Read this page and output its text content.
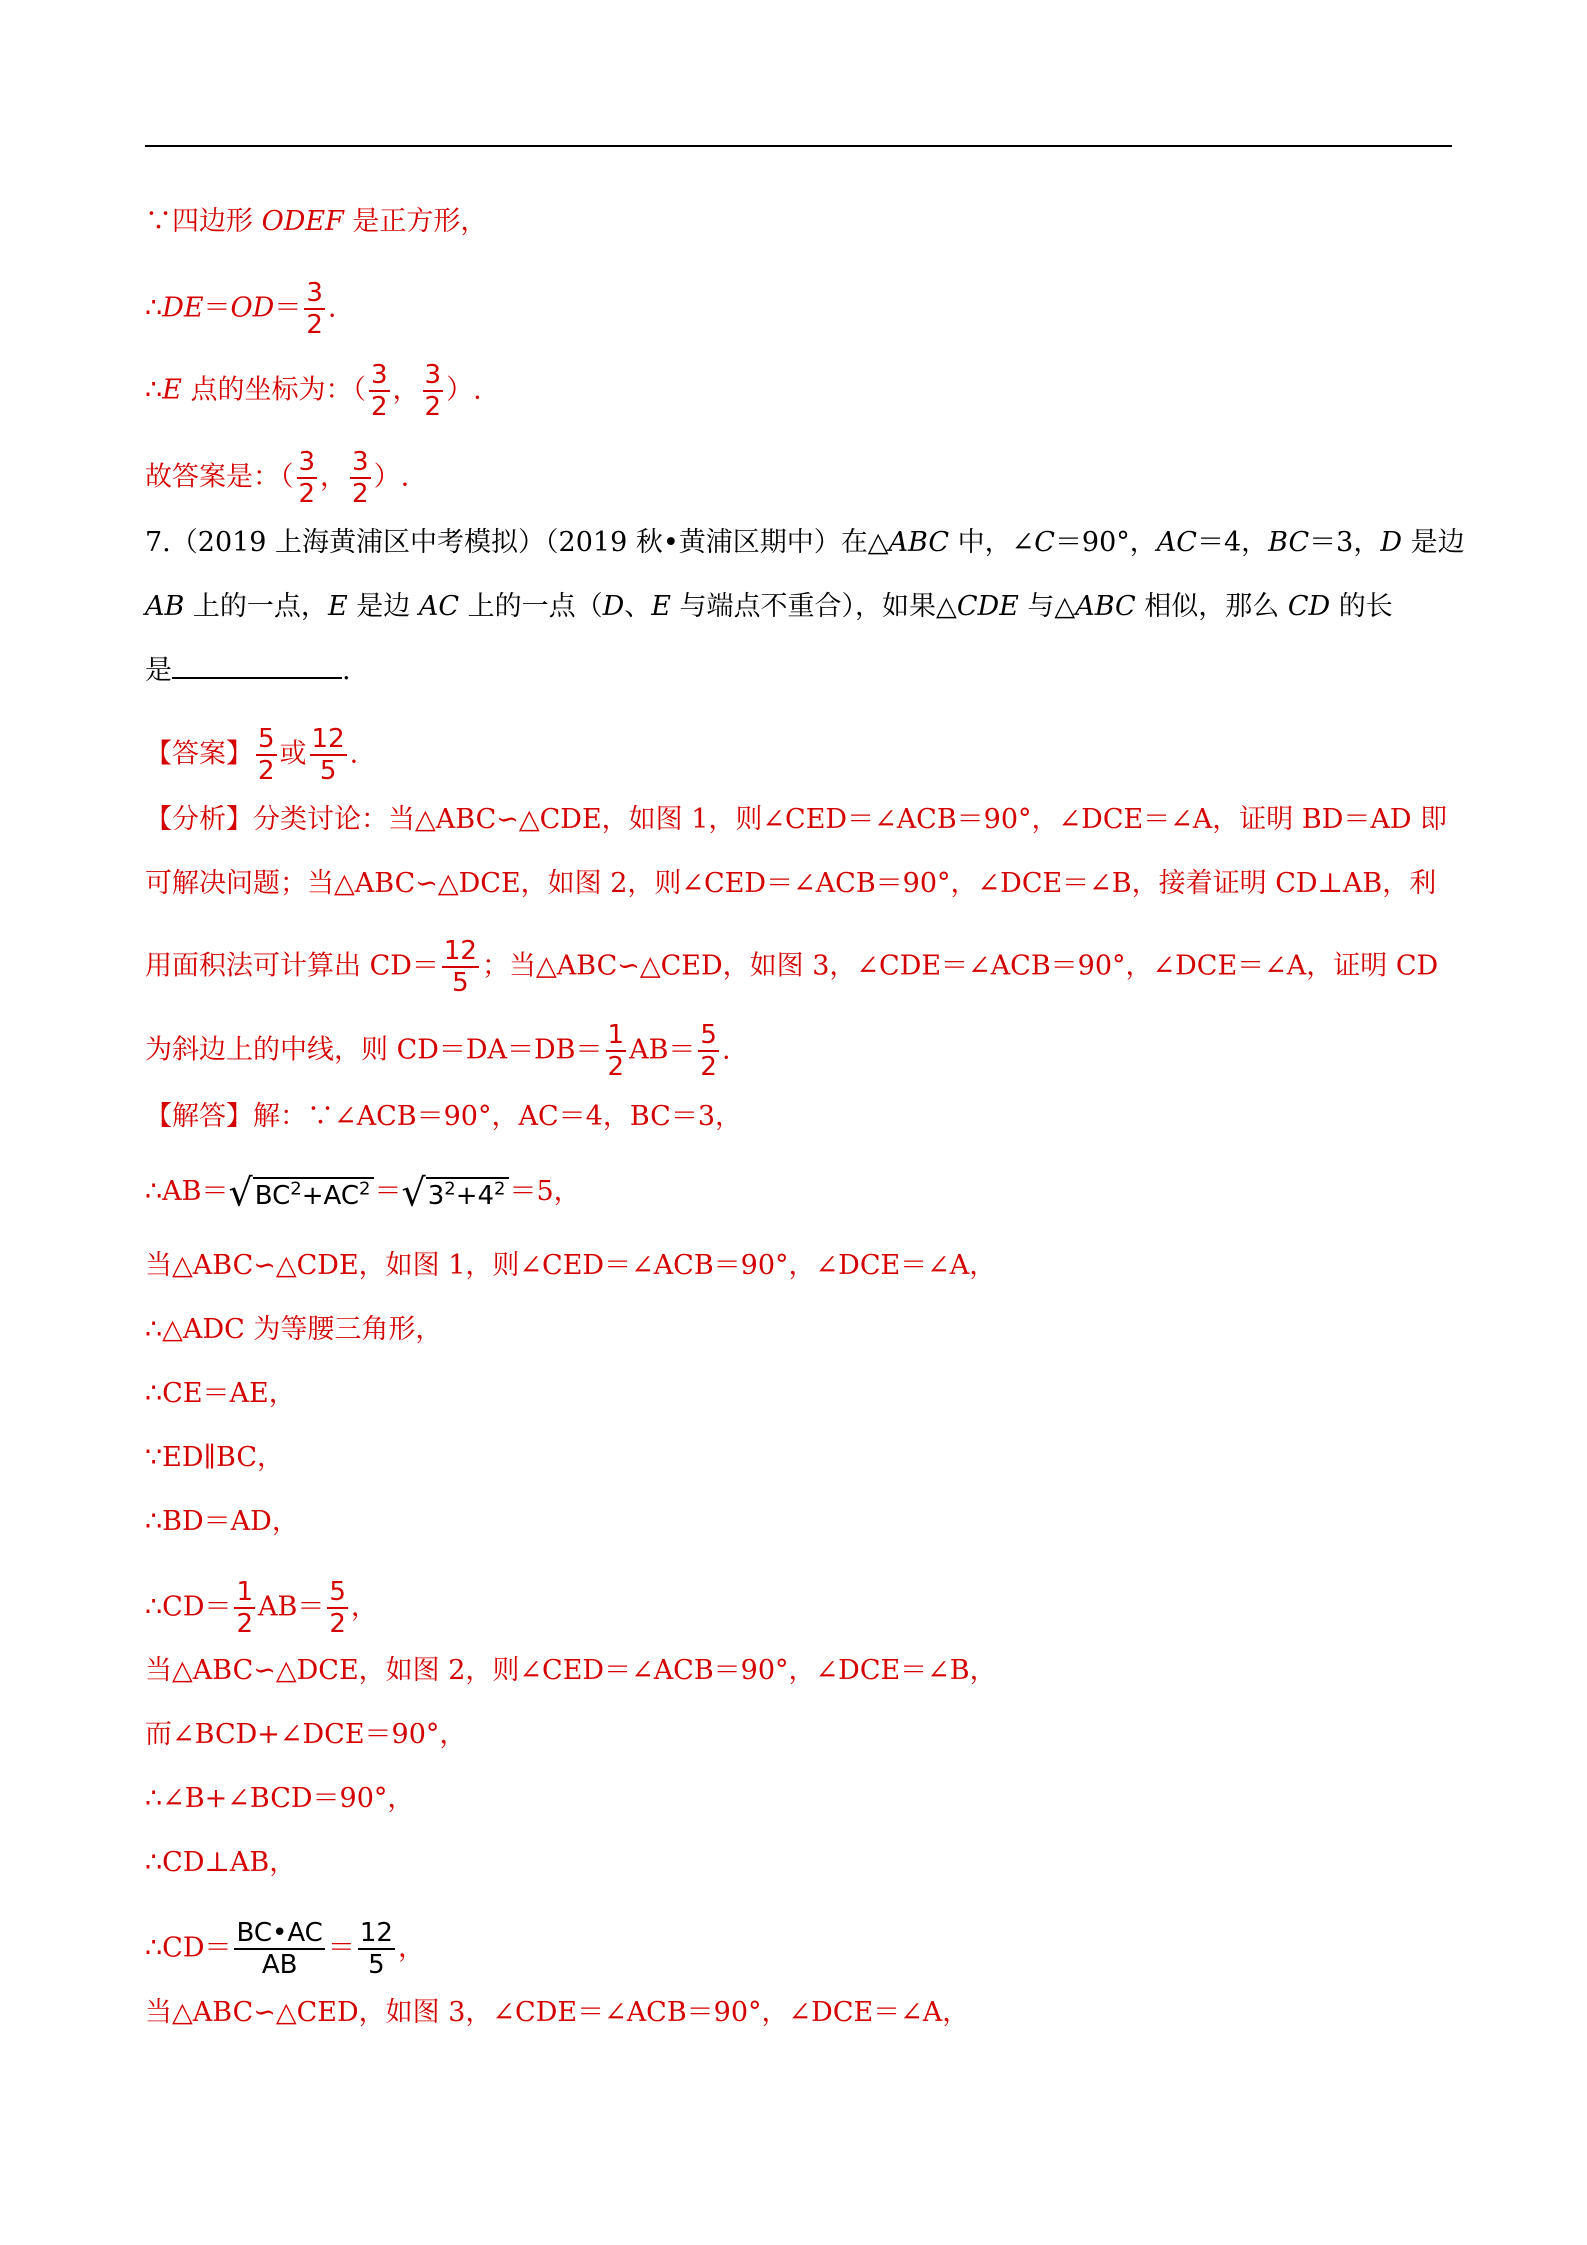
∵四边形 ODEF 是正方形，
∴DE＝OD＝ $\frac{3}{2}$ .
∴E 点的坐标为：（ $\frac{3}{2}$ ， $\frac{3}{2}$ ）.
故答案是：（ $\frac{3}{2}$ ， $\frac{3}{2}$ ）.
7.（2019 上海黄浦区中考模拟）（2019 秋•黄浦区期中）在△ABC 中，∠C＝90°，AC＝4，BC＝3，D 是边
AB 上的一点，E 是边 AC 上的一点（D、E 与端点不重合），如果△CDE 与△ABC 相似，那么 CD 的长
是	.
【答案】 $\frac{5}{2}$ 或 $\frac{12}{5}$ .
【分析】分类讨论：当△ABC∽△CDE，如图 1，则∠CED＝∠ACB＝90°，∠DCE＝∠A，证明 BD＝AD 即
可解决问题；当△ABC∽△DCE，如图 2，则∠CED＝∠ACB＝90°，∠DCE＝∠B，接着证明 CD⊥AB，利
用面积法可计算出 $CD= \frac{12}{5}$ ；当△ABC∽△CED，如图 3，∠CDE＝∠ACB＝90°，∠DCE＝∠A，证明 CD
为斜边上的中线，则 $CD=DA=DB= \frac{1}{2} AB= \frac{5}{2}$ .
【解答】解：∵∠ACB＝90°，AC＝4，BC＝3，
$\therefore AB=√BC^2+AC^2 =√3^2+4^2 =5$，
当△ABC∽△CDE，如图 1，则∠CED＝∠ACB＝90°，∠DCE＝∠A，
∴△ADC 为等腰三角形，
∴CE＝AE，
∵ED∥BC，
∴BD＝AD，
∴CD＝ $\frac{1}{2} AB= \frac{5}{2}$ ，
当△ABC∽△DCE，如图 2，则∠CED＝∠ACB＝90°，∠DCE＝∠B，
而∠BCD+∠DCE＝90°，
∴∠B+∠BCD＝90°，
∴CD⊥AB，
∴CD＝ $\frac{BC•AC}{AB} = \frac{12}{5}$ ，
当△ABC∽△CED，如图 3，∠CDE＝∠ACB＝90°，∠DCE＝∠A，
